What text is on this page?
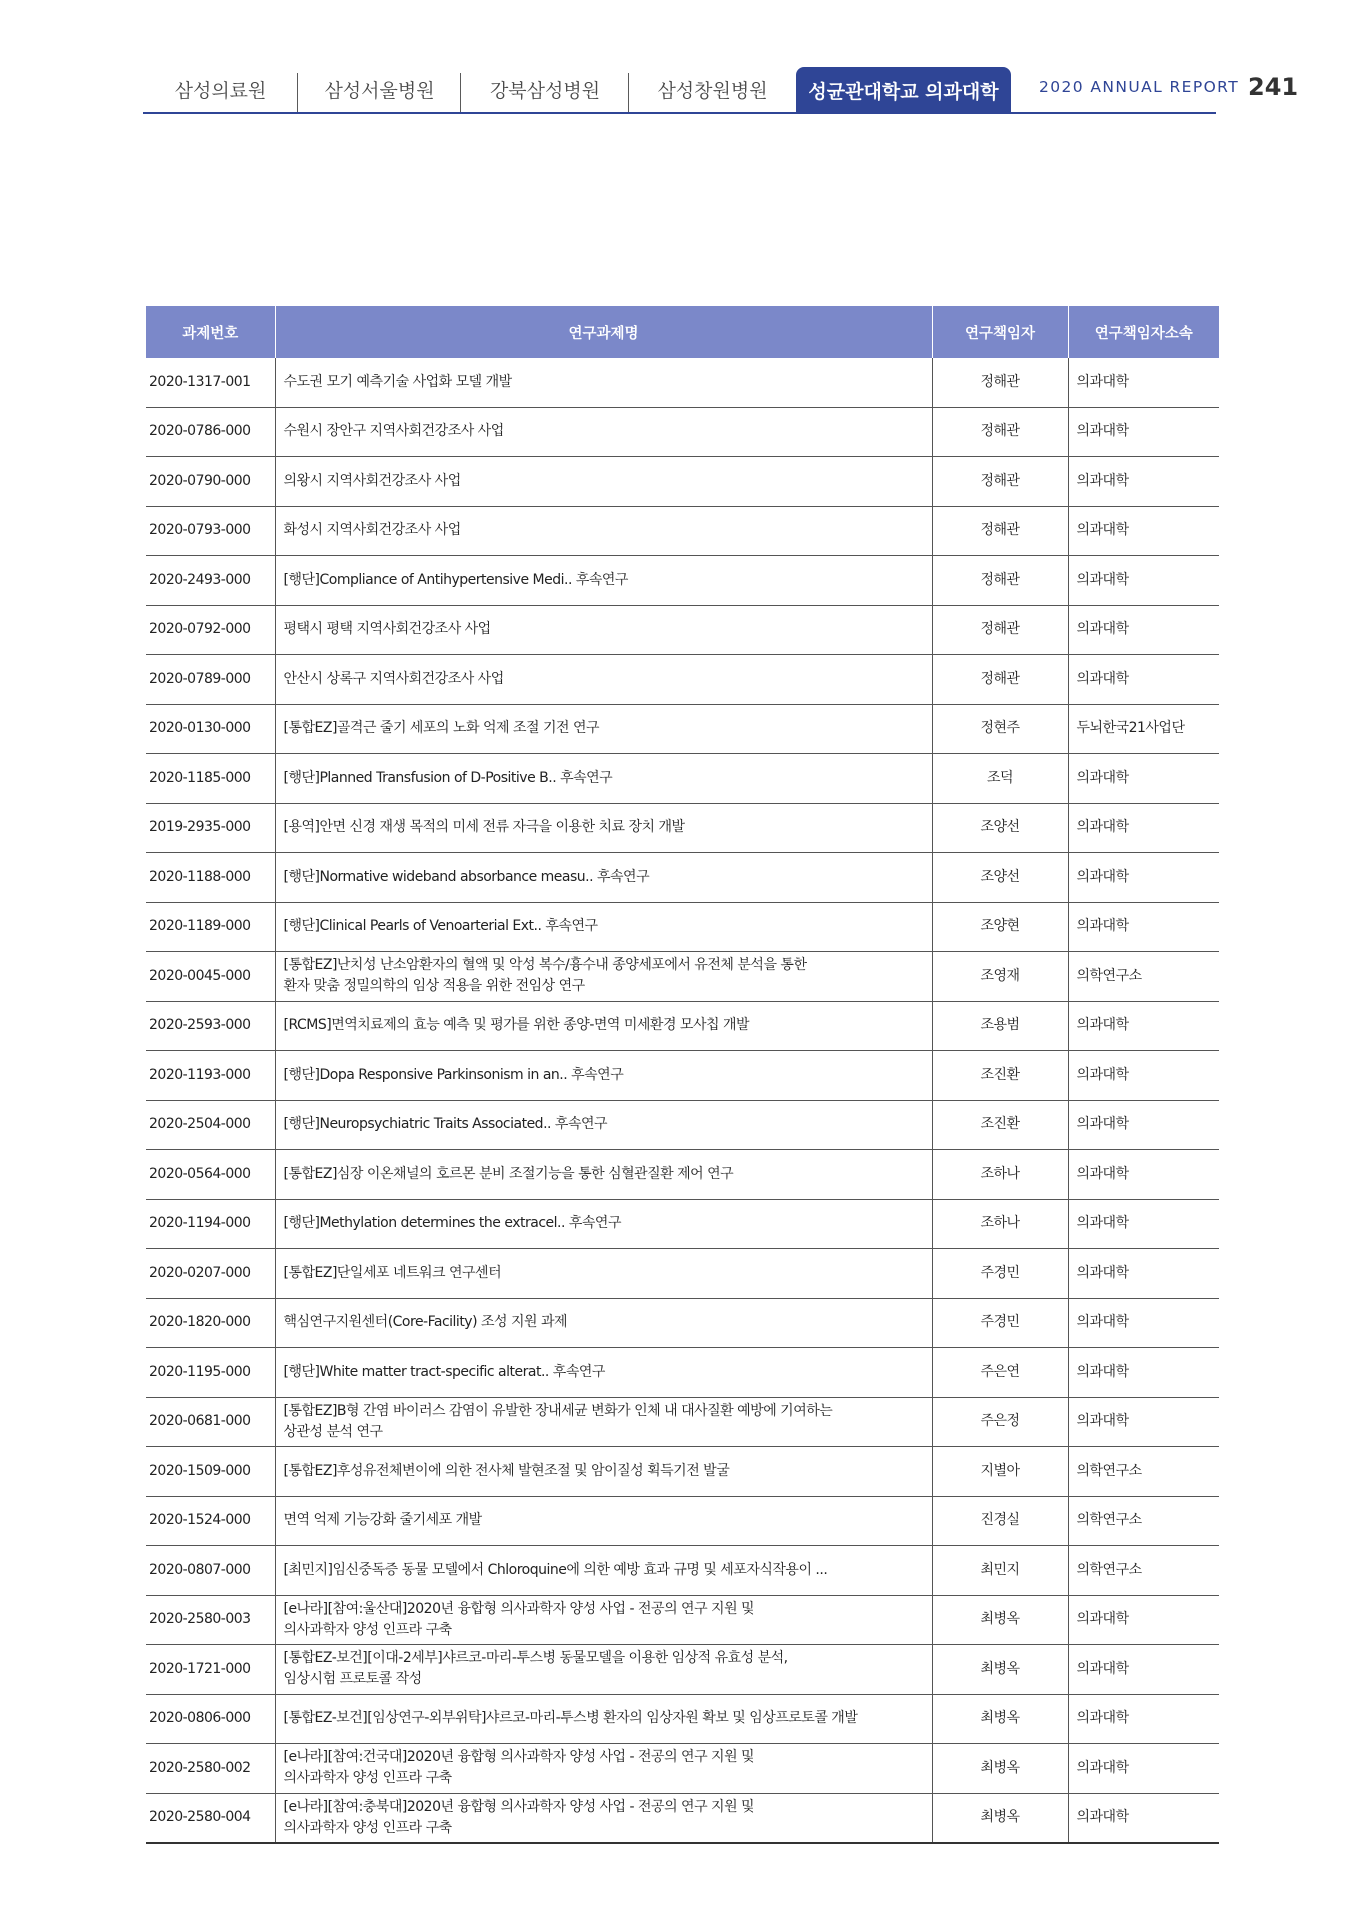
삼성의료원	삼성서울병원	강북삼성병원	삼성창원병원	성균관대학교 의과대학	2020 ANNUAL REPORT 241
과제번호	연구과제명	연구책임자	연구책임자소속
2020-1317-001	수도권 모기 예측기술 사업화 모델 개발	정해관	의과대학
2020-0786-000	수원시 장안구 지역사회건강조사 사업	정해관	의과대학
2020-0790-000	의왕시 지역사회건강조사 사업	정해관	의과대학
2020-0793-000	화성시 지역사회건강조사 사업	정해관	의과대학
2020-2493-000	[행단]Compliance of Antihypertensive Medi.. 후속연구	정해관	의과대학
2020-0792-000	평택시 평택 지역사회건강조사 사업	정해관	의과대학
2020-0789-000	안산시 상록구 지역사회건강조사 사업	정해관	의과대학
2020-0130-000	[통합EZ]골격근 줄기 세포의 노화 억제 조절 기전 연구	정현주	두뇌한국21사업단
2020-1185-000	[행단]Planned Transfusion of D-Positive B.. 후속연구	조덕	의과대학
2019-2935-000	[용역]안면 신경 재생 목적의 미세 전류 자극을 이용한 치료 장치 개발	조양선	의과대학
2020-1188-000	[행단]Normative wideband absorbance measu.. 후속연구	조양선	의과대학
2020-1189-000	[행단]Clinical Pearls of Venoarterial Ext.. 후속연구	조양현	의과대학
2020-0045-000	[통합EZ]난치성 난소암환자의 혈액 및 악성 복수/흉수내 종양세포에서 유전체 분석을 통한
환자 맞춤 정밀의학의 임상 적용을 위한 전임상 연구	조영재	의학연구소
2020-2593-000	[RCMS]면역치료제의 효능 예측 및 평가를 위한 종양-면역 미세환경 모사칩 개발	조용범	의과대학
2020-1193-000	[행단]Dopa Responsive Parkinsonism in an.. 후속연구	조진환	의과대학
2020-2504-000	[행단]Neuropsychiatric Traits Associated.. 후속연구	조진환	의과대학
2020-0564-000	[통합EZ]심장 이온채널의 호르몬 분비 조절기능을 통한 심혈관질환 제어 연구	조하나	의과대학
2020-1194-000	[행단]Methylation determines the extracel.. 후속연구	조하나	의과대학
2020-0207-000	[통합EZ]단일세포 네트워크 연구센터	주경민	의과대학
2020-1820-000	핵심연구지원센터(Core-Facility) 조성 지원 과제	주경민	의과대학
2020-1195-000	[행단]White matter tract-specific alterat.. 후속연구	주은연	의과대학
2020-0681-000	[통합EZ]B형 간염 바이러스 감염이 유발한 장내세균 변화가 인체 내 대사질환 예방에 기여하는
상관성 분석 연구	주은정	의과대학
2020-1509-000	[통합EZ]후성유전체변이에 의한 전사체 발현조절 및 암이질성 획득기전 발굴	지별아	의학연구소
2020-1524-000	면역 억제 기능강화 줄기세포 개발	진경실	의학연구소
2020-0807-000	[최민지]임신중독증 동물 모델에서 Chloroquine에 의한 예방 효과 규명 및 세포자식작용이 ...	최민지	의학연구소
2020-2580-003	[e나라][참여:울산대]2020년 융합형 의사과학자 양성 사업 - 전공의 연구 지원 및
의사과학자 양성 인프라 구축	최병옥	의과대학
2020-1721-000	[통합EZ-보건][이대-2세부]샤르코-마리-투스병 동물모델을 이용한 임상적 유효성 분석,
임상시험 프로토콜 작성	최병옥	의과대학
2020-0806-000	[통합EZ-보건][임상연구-외부위탁]샤르코-마리-투스병 환자의 임상자원 확보 및 임상프로토콜 개발	최병옥	의과대학
2020-2580-002	[e나라][참여:건국대]2020년 융합형 의사과학자 양성 사업 - 전공의 연구 지원 및
의사과학자 양성 인프라 구축	최병옥	의과대학
2020-2580-004	[e나라][참여:충북대]2020년 융합형 의사과학자 양성 사업 - 전공의 연구 지원 및
의사과학자 양성 인프라 구축	최병옥	의과대학
